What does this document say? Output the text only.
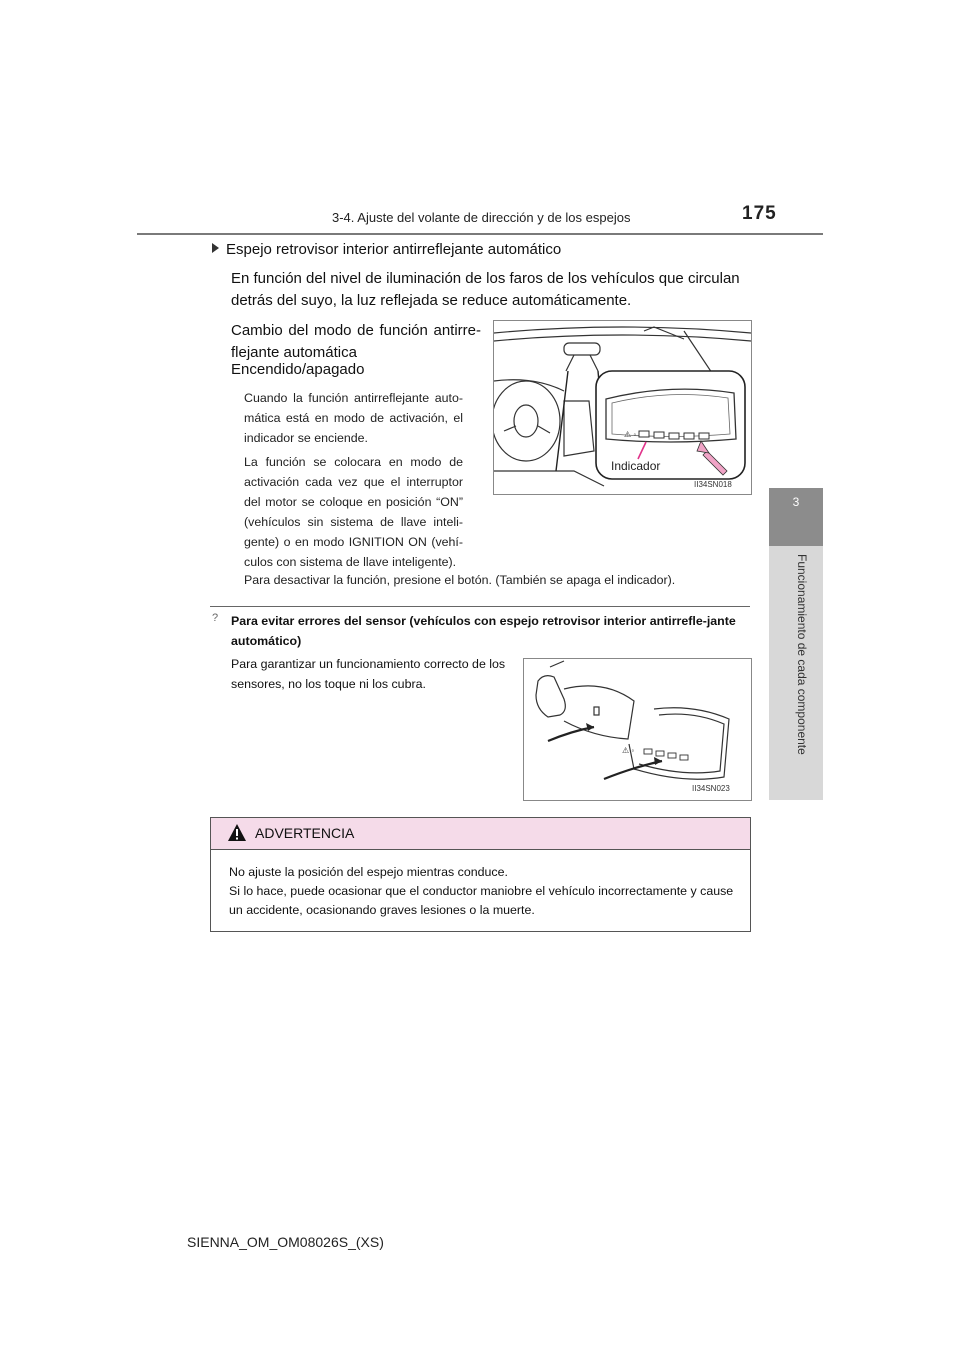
3-4. Ajuste del volante de dirección y de los espejos	175
3
Funcionamiento de cada componente
Espejo retrovisor interior antirreflejante automático
En función del nivel de iluminación de los faros de los vehículos que circulan detrás del suyo, la luz reflejada se reduce automáticamente.
Cambio del modo de función antirre-flejante automática
Encendido/apagado
Cuando la función antirreflejante auto-mática está en modo de activación, el indicador se enciende.
La función se colocara en modo de activación cada vez que el interruptor del motor se coloque en posición “ON” (vehículos sin sistema de llave inteli-gente) o en modo IGNITION ON (vehí-culos con sistema de llave inteligente).
Para desactivar la función, presione el botón. (También se apaga el indicador).
⚠ ◦
Indicador
II34SN018
? Para evitar errores del sensor (vehículos con espejo retrovisor interior antirrefle-jante automático)
Para garantizar un funcionamiento correcto de los sensores, no los toque ni los cubra.
⚠ ◦
II34SN023
ADVERTENCIA
No ajuste la posición del espejo mientras conduce.
Si lo hace, puede ocasionar que el conductor maniobre el vehículo incorrectamente y cause un accidente, ocasionando graves lesiones o la muerte.
SIENNA_OM_OM08026S_(XS)
